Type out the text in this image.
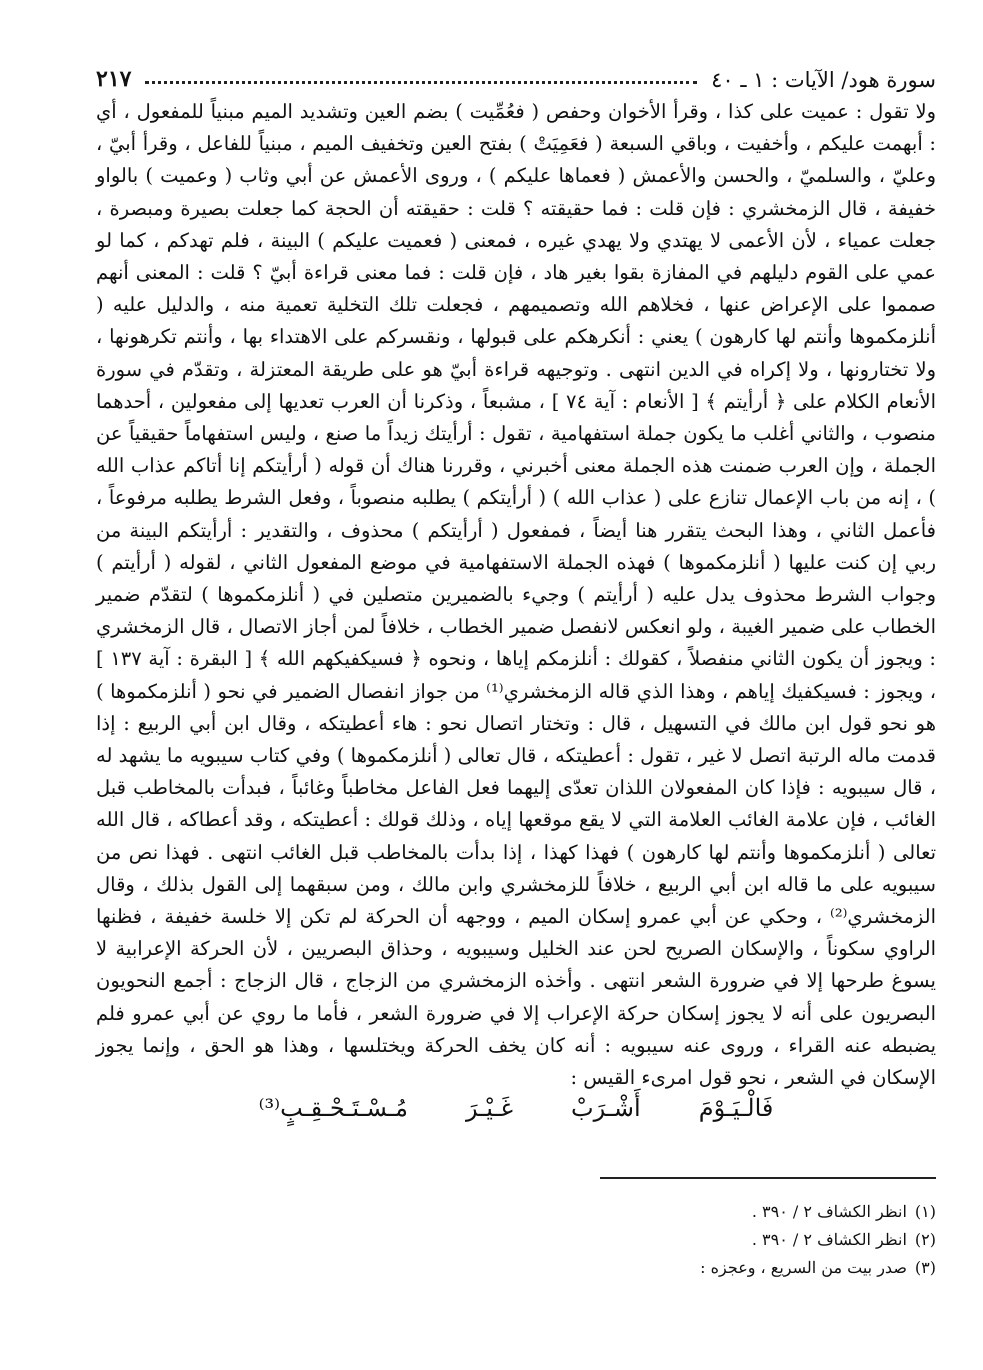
سورة هود/ الآيات : ١ ـ ٤٠
٢١٧

ولا تقول : عميت على كذا ، وقرأ الأخوان وحفص ( فعُمِّيت ) بضم العين وتشديد الميم مبنياً للمفعول ، أي : أبهمت عليكم ، وأخفيت ، وباقي السبعة ( فعَمِيَتْ ) بفتح العين وتخفيف الميم ، مبنياً للفاعل ، وقرأ أبيّ ، وعليّ ، والسلميّ ، والحسن والأعمش ( فعماها عليكم ) ، وروى الأعمش عن أبي وثاب ( وعميت ) بالواو خفيفة ، قال الزمخشري : فإن قلت : فما حقيقته ؟ قلت : حقيقته أن الحجة كما جعلت بصيرة ومبصرة ، جعلت عمياء ، لأن الأعمى لا يهتدي ولا يهدي غيره ، فمعنى ( فعميت عليكم ) البينة ، فلم تهدكم ، كما لو عمي على القوم دليلهم في المفازة بقوا بغير هاد ، فإن قلت : فما معنى قراءة أبيّ ؟ قلت : المعنى أنهم صمموا على الإعراض عنها ، فخلاهم الله وتصميمهم ، فجعلت تلك التخلية تعمية منه ، والدليل عليه ( أنلزمكموها وأنتم لها كارهون ) يعني : أنكرهكم على قبولها ، ونقسركم على الاهتداء بها ، وأنتم تكرهونها ، ولا تختارونها ، ولا إكراه في الدين انتهى . وتوجيهه قراءة أبيّ هو على طريقة المعتزلة ، وتقدّم في سورة الأنعام الكلام على ﴿ أرأيتم ﴾ [ الأنعام : آية ٧٤ ] ، مشبعاً ، وذكرنا أن العرب تعديها إلى مفعولين ، أحدهما منصوب ، والثاني أغلب ما يكون جملة استفهامية ، تقول : أرأيتك زيداً ما صنع ، وليس استفهاماً حقيقياً عن الجملة ، وإن العرب ضمنت هذه الجملة معنى أخبرني ، وقررنا هناك أن قوله ( أرأيتكم إنا أتاكم عذاب الله ) ، إنه من باب الإعمال تنازع على ( عذاب الله ) ( أرأيتكم ) يطلبه منصوباً ، وفعل الشرط يطلبه مرفوعاً ، فأعمل الثاني ، وهذا البحث يتقرر هنا أيضاً ، فمفعول ( أرأيتكم ) محذوف ، والتقدير : أرأيتكم البينة من ربي إن كنت عليها ( أنلزمكموها ) فهذه الجملة الاستفهامية في موضع المفعول الثاني ، لقوله ( أرأيتم ) وجواب الشرط محذوف يدل عليه ( أرأيتم ) وجيء بالضميرين متصلين في ( أنلزمكموها ) لتقدّم ضمير الخطاب على ضمير الغيبة ، ولو انعكس لانفصل ضمير الخطاب ، خلافاً لمن أجاز الاتصال ، قال الزمخشري : ويجوز أن يكون الثاني منفصلاً ، كقولك : أنلزمكم إياها ، ونحوه ﴿ فسيكفيكهم الله ﴾ [ البقرة : آية ١٣٧ ] ، ويجوز : فسيكفيك إياهم ، وهذا الذي قاله الزمخشري⁽¹⁾ من جواز انفصال الضمير في نحو ( أنلزمكموها ) هو نحو قول ابن مالك في التسهيل ، قال : وتختار اتصال نحو : هاء أعطيتكه ، وقال ابن أبي الربيع : إذا قدمت ماله الرتبة اتصل لا غير ، تقول : أعطيتكه ، قال تعالى ( أنلزمكموها ) وفي كتاب سيبويه ما يشهد له ، قال سيبويه : فإذا كان المفعولان اللذان تعدّى إليهما فعل الفاعل مخاطباً وغائباً ، فبدأت بالمخاطب قبل الغائب ، فإن علامة الغائب العلامة التي لا يقع موقعها إياه ، وذلك قولك : أعطيتكه ، وقد أعطاكه ، قال الله تعالى ( أنلزمكموها وأنتم لها كارهون ) فهذا كهذا ، إذا بدأت بالمخاطب قبل الغائب انتهى . فهذا نص من سيبويه على ما قاله ابن أبي الربيع ، خلافاً للزمخشري وابن مالك ، ومن سبقهما إلى القول بذلك ، وقال الزمخشري⁽²⁾ ، وحكي عن أبي عمرو إسكان الميم ، ووجهه أن الحركة لم تكن إلا خلسة خفيفة ، فظنها الراوي سكوناً ، والإسكان الصريح لحن عند الخليل وسيبويه ، وحذاق البصريين ، لأن الحركة الإعرابية لا يسوغ طرحها إلا في ضرورة الشعر انتهى . وأخذه الزمخشري من الزجاج ، قال الزجاج : أجمع النحويون البصريون على أنه لا يجوز إسكان حركة الإعراب إلا في ضرورة الشعر ، فأما ما روي عن أبي عمرو فلم يضبطه عنه القراء ، وروى عنه سيبويه : أنه كان يخف الحركة ويختلسها ، وهذا هو الحق ، وإنما يجوز الإسكان في الشعر ، نحو قول امرىء القيس :

فَالْـيَـوْمَ
أَشْـرَبْ
غَـيْـرَ
مُـسْـتَـحْـقِـبٍ⁽³⁾
(١)
انظر الكشاف ٢ / ٣٩٠ .
(٢)
انظر الكشاف ٢ / ٣٩٠ .
(٣)
صدر بيت من السريع ، وعجزه :
